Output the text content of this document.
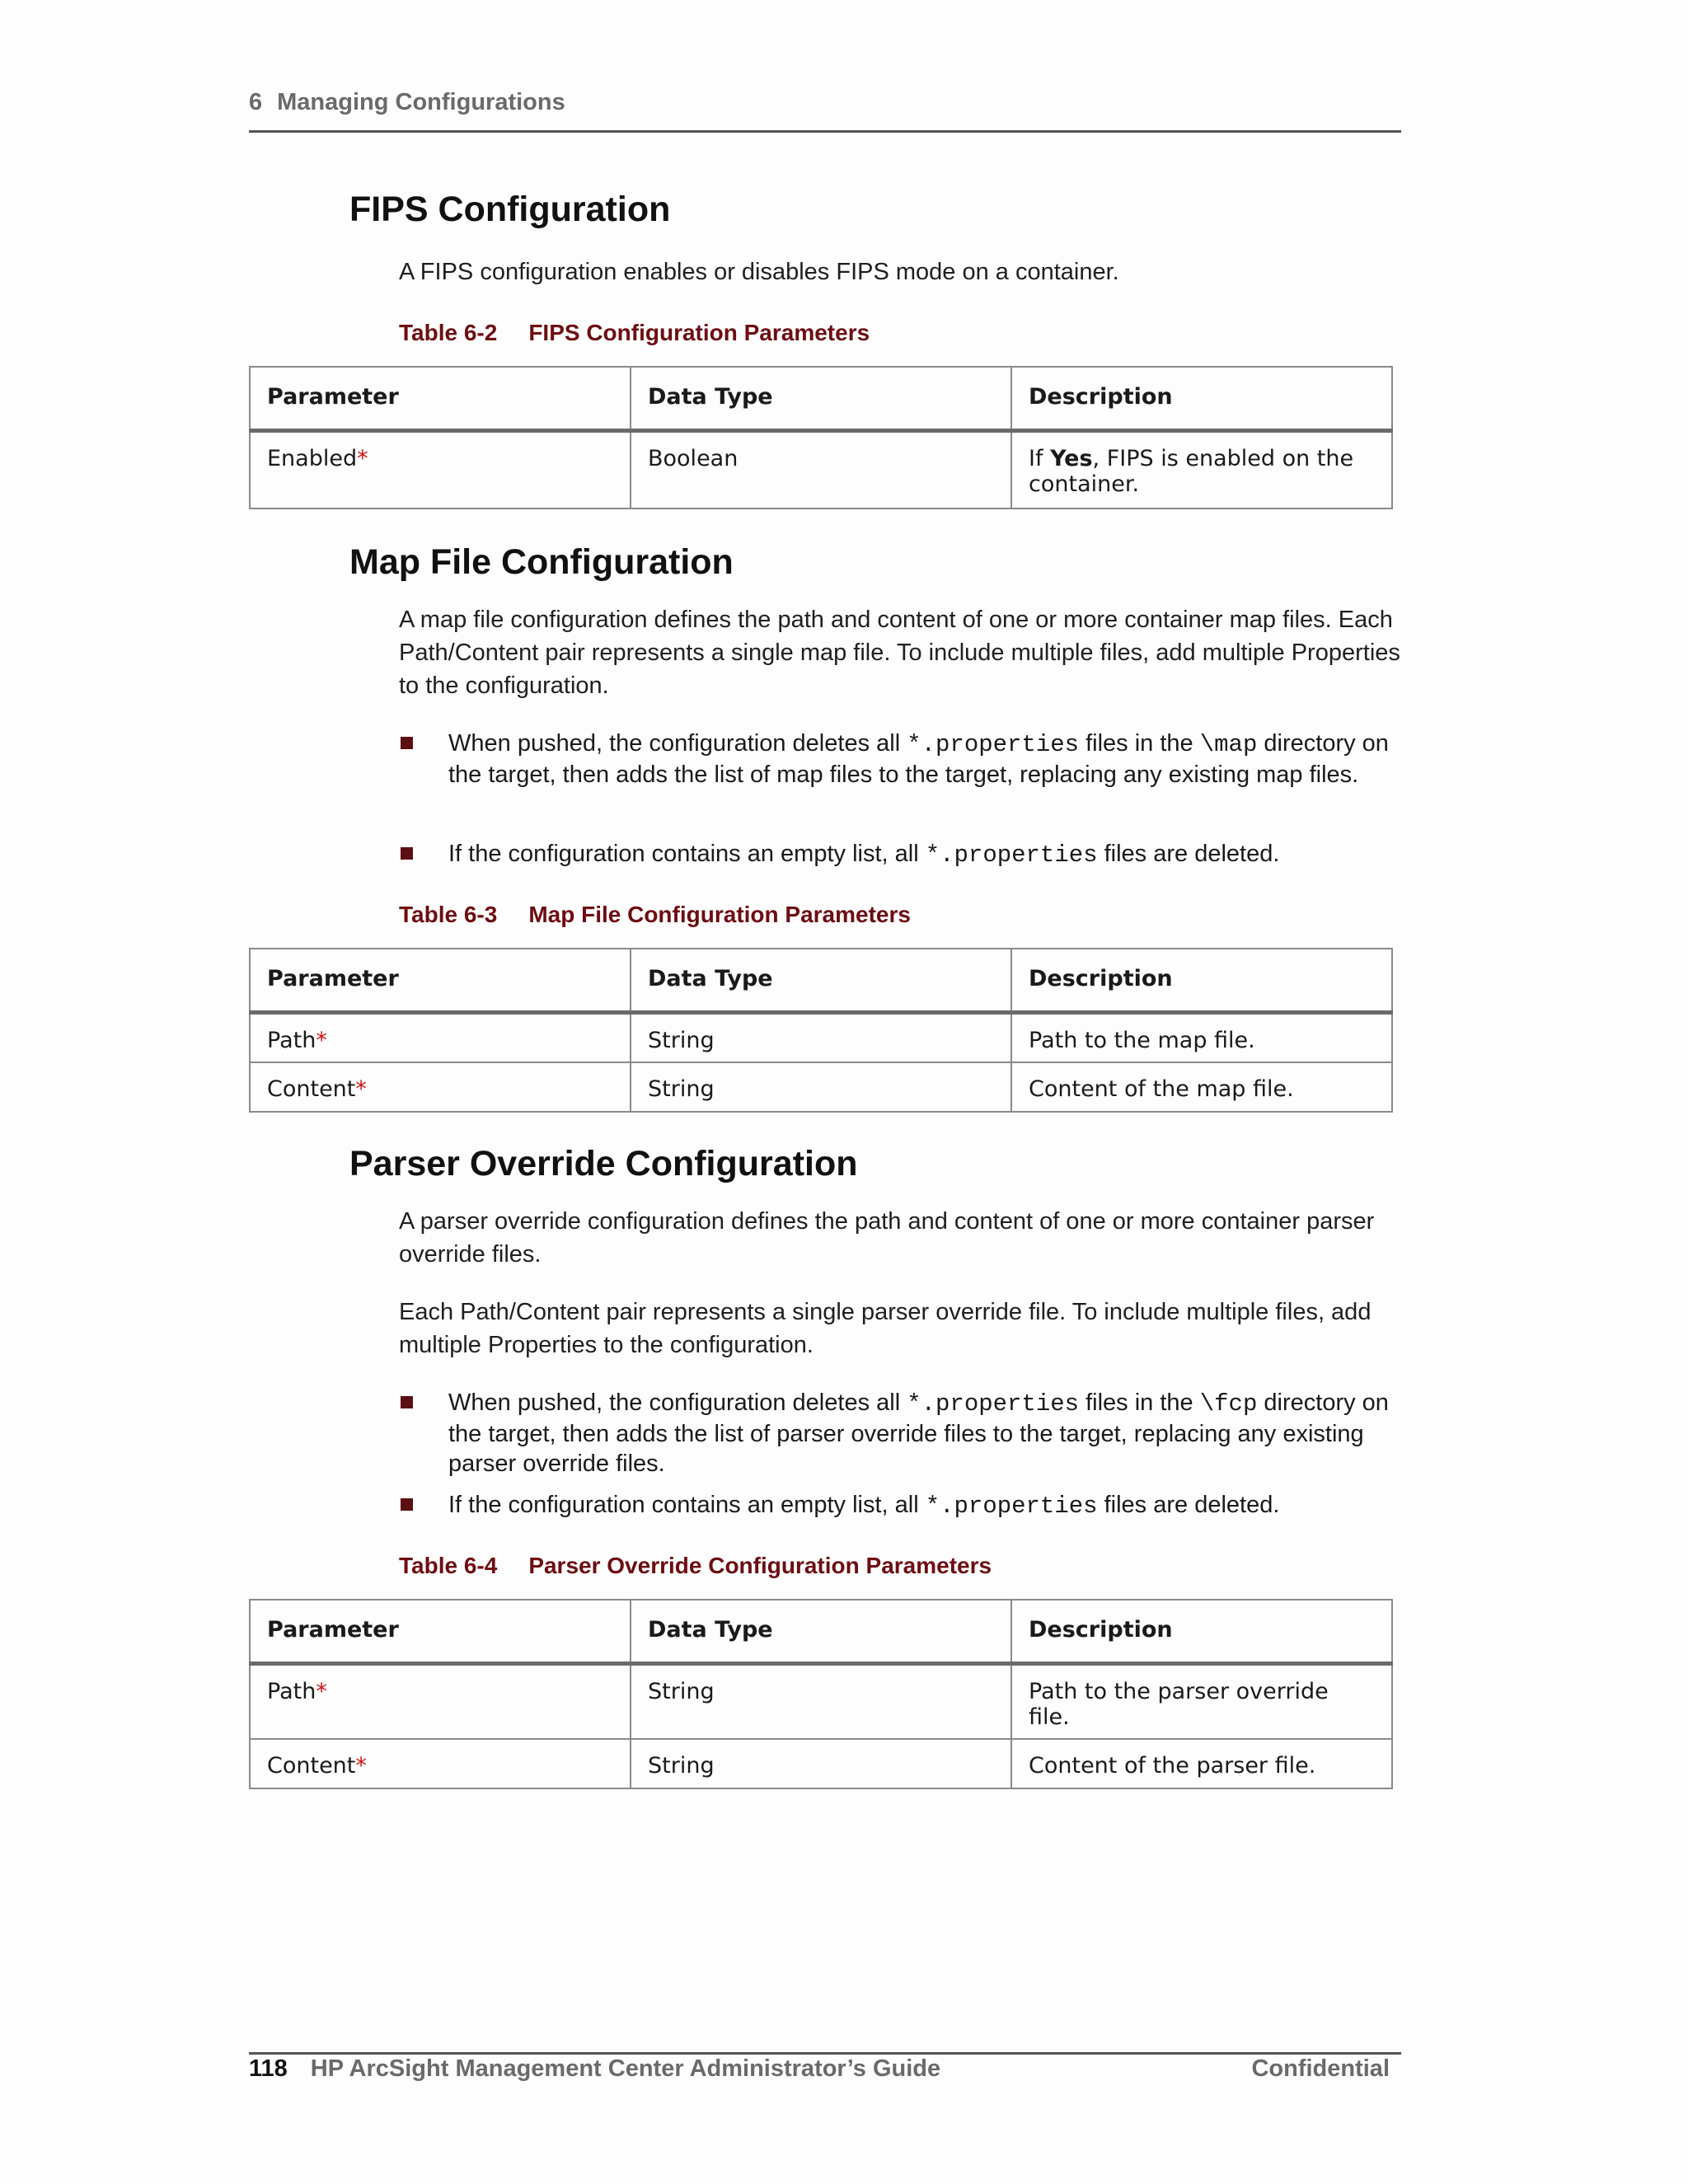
6 Managing Configurations
FIPS Configuration

A FIPS configuration enables or disables FIPS mode on a container.

Table 6-2 FIPS Configuration Parameters
Parameter	Data Type	Description
Enabled*	Boolean	If Yes, FIPS is enabled on the container.
Map File Configuration

A map file configuration defines the path and content of one or more container map files. Each Path/Content pair represents a single map file. To include multiple files, add multiple Properties to the configuration.

When pushed, the configuration deletes all *.properties files in the \map directory on the target, then adds the list of map files to the target, replacing any existing map files.
If the configuration contains an empty list, all *.properties files are deleted.
Table 6-3 Map File Configuration Parameters
Parameter	Data Type	Description
Path*	String	Path to the map file.
Content*	String	Content of the map file.
Parser Override Configuration

A parser override configuration defines the path and content of one or more container parser override files.

Each Path/Content pair represents a single parser override file. To include multiple files, add multiple Properties to the configuration.

When pushed, the configuration deletes all *.properties files in the \fcp directory on the target, then adds the list of parser override files to the target, replacing any existing parser override files.
If the configuration contains an empty list, all *.properties files are deleted.
Table 6-4 Parser Override Configuration Parameters
Parameter	Data Type	Description
Path*	String	Path to the parser override file.
Content*	String	Content of the parser file.
118 HP ArcSight Management Center Administrator’s Guide	Confidential
